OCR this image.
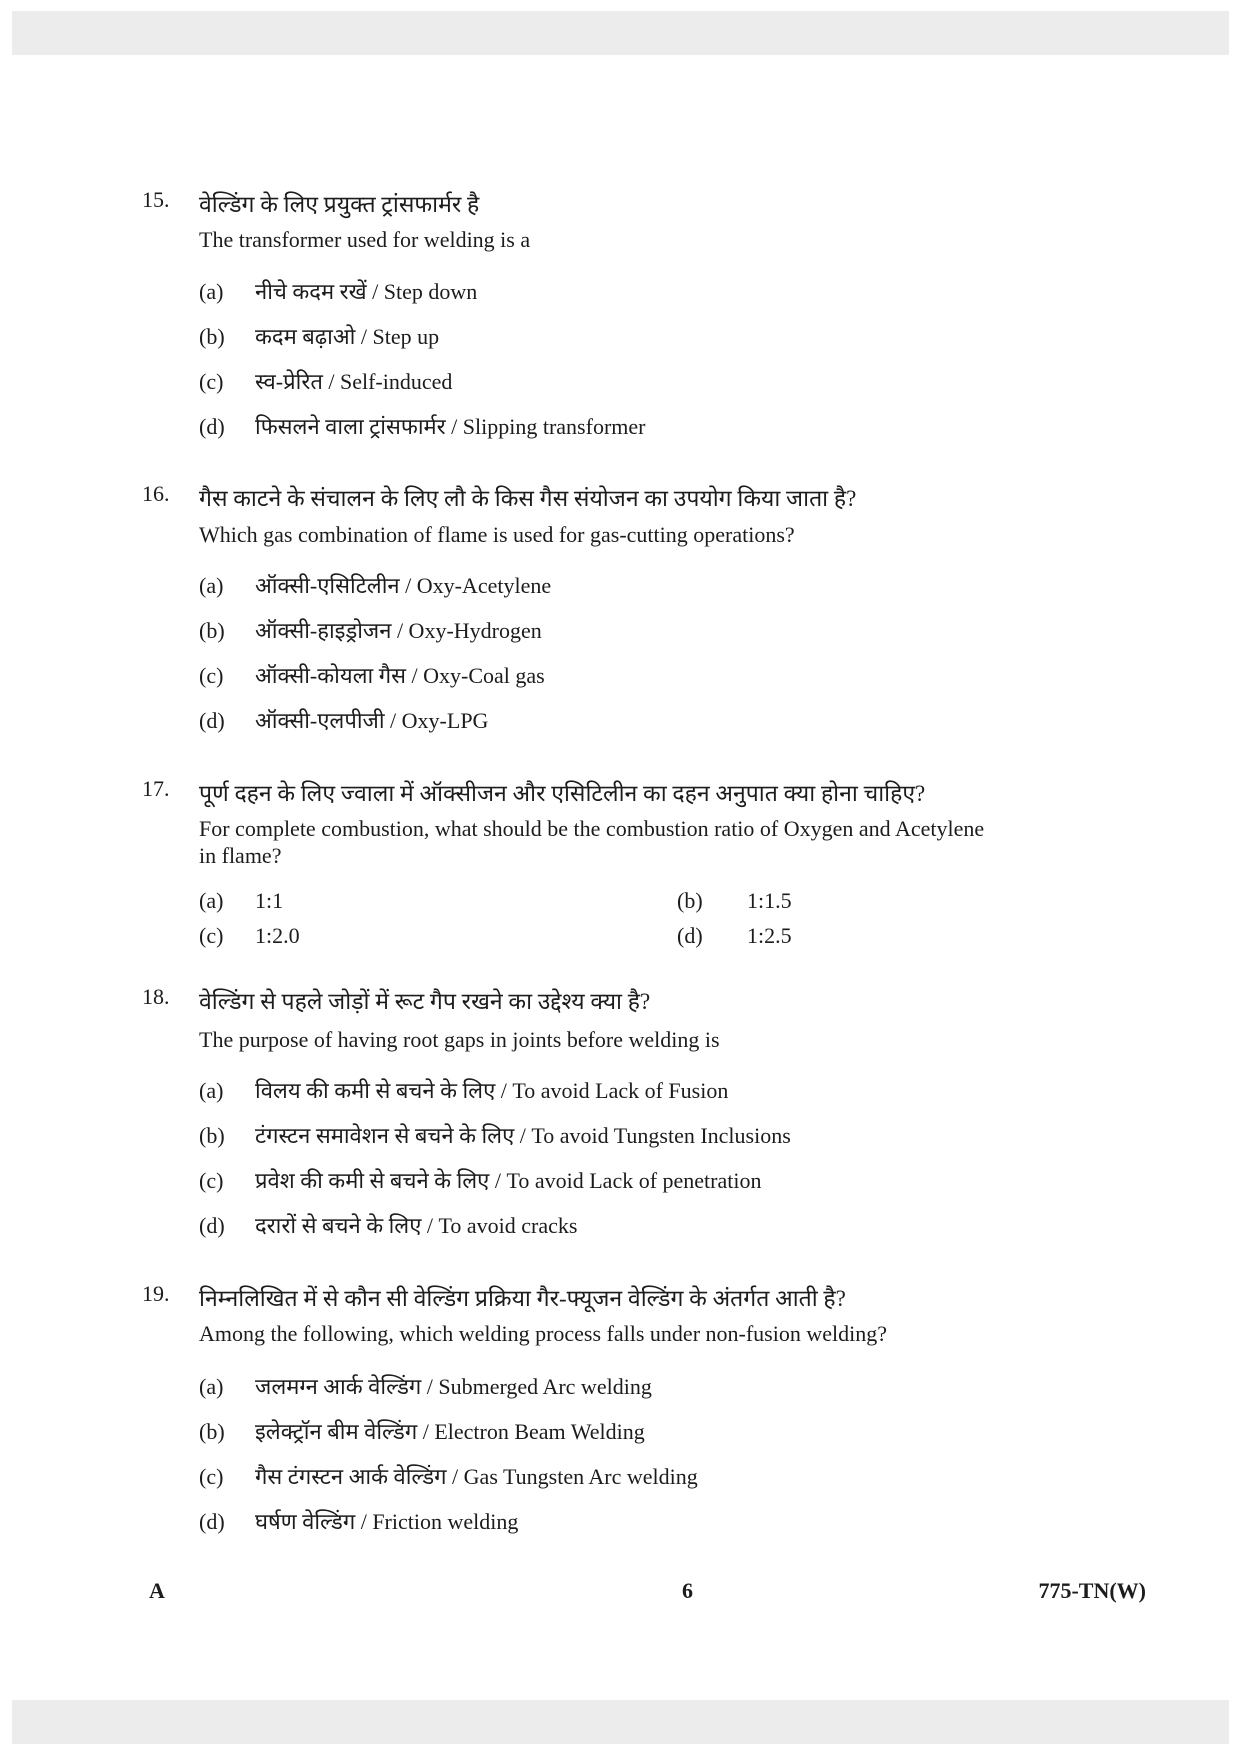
15. वेल्डिंग के लिए प्रयुक्त ट्रांसफार्मर है
The transformer used for welding is a
(a) नीचे कदम रखें / Step down
(b) कदम बढ़ाओ / Step up
(c) स्व-प्रेरित / Self-induced
(d) फिसलने वाला ट्रांसफार्मर / Slipping transformer
16. गैस काटने के संचालन के लिए लौ के किस गैस संयोजन का उपयोग किया जाता है?
Which gas combination of flame is used for gas-cutting operations?
(a) ऑक्सी-एसिटिलीन / Oxy-Acetylene
(b) ऑक्सी-हाइड्रोजन / Oxy-Hydrogen
(c) ऑक्सी-कोयला गैस / Oxy-Coal gas
(d) ऑक्सी-एलपीजी / Oxy-LPG
17. पूर्ण दहन के लिए ज्वाला में ऑक्सीजन और एसिटिलीन का दहन अनुपात क्या होना चाहिए?
For complete combustion, what should be the combustion ratio of Oxygen and Acetylene
in flame?
(a) 1:1	(b) 1:1.5
(c) 1:2.0	(d) 1:2.5
18. वेल्डिंग से पहले जोड़ों में रूट गैप रखने का उद्देश्य क्या है?
The purpose of having root gaps in joints before welding is
(a) विलय की कमी से बचने के लिए / To avoid Lack of Fusion
(b) टंगस्टन समावेशन से बचने के लिए / To avoid Tungsten Inclusions
(c) प्रवेश की कमी से बचने के लिए / To avoid Lack of penetration
(d) दरारों से बचने के लिए / To avoid cracks
19. निम्नलिखित में से कौन सी वेल्डिंग प्रक्रिया गैर-फ्यूजन वेल्डिंग के अंतर्गत आती है?
Among the following, which welding process falls under non-fusion welding?
(a) जलमग्न आर्क वेल्डिंग / Submerged Arc welding
(b) इलेक्ट्रॉन बीम वेल्डिंग / Electron Beam Welding
(c) गैस टंगस्टन आर्क वेल्डिंग / Gas Tungsten Arc welding
(d) घर्षण वेल्डिंग / Friction welding
A	6	775-TN(W)
